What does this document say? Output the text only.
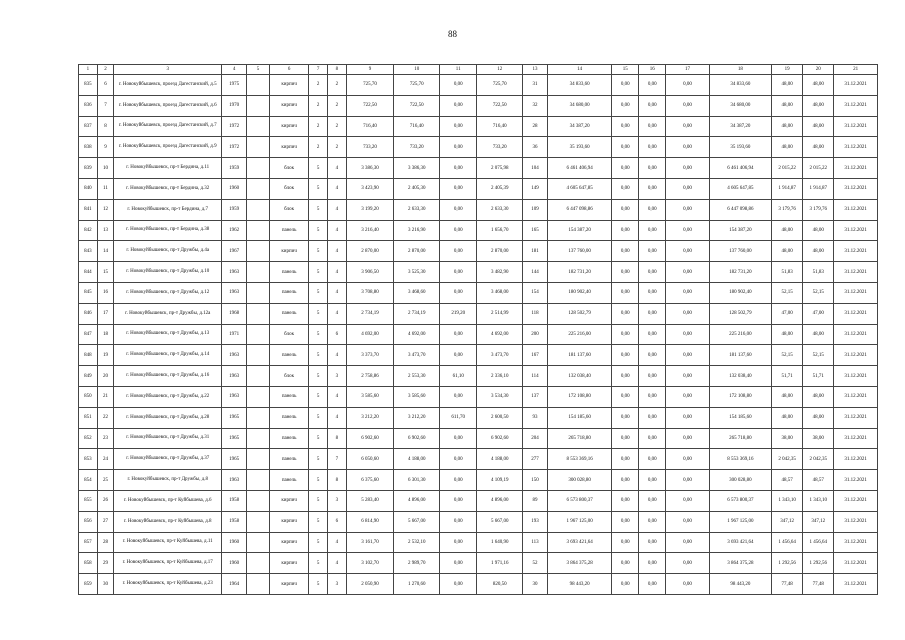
88
1	2	3	4	5	6	7	8	9	10	11	12	13	14	15	16	17	18	19	20	21
835	6	г. Новокуйбышевск, проезд Дагестанский, д.5	1975		кирпич	2	2	725,70	725,70	0,00	725,70	31	34 833,60	0,00	0,00	0,00	34 833,60	48,00	48,00	31.12.2021
836	7	г. Новокуйбышевск, проезд Дагестанский, д.6	1970		кирпич	2	2	722,50	722,50	0,00	722,50	32	34 680,00	0,00	0,00	0,00	34 680,00	48,00	48,00	31.12.2021
837	8	г. Новокуйбышевск, проезд Дагестанский, д.7	1972		кирпич	2	2	716,40	716,40	0,00	716,40	28	34 387,20	0,00	0,00	0,00	34 387,20	48,00	48,00	31.12.2021
838	9	г. Новокуйбышевск, проезд Дагестанский, д.9	1972		кирпич	2	2	733,20	733,20	0,00	733,20	36	35 193,60	0,00	0,00	0,00	35 193,60	48,00	48,00	31.12.2021
839	10	г. Новокуйбышевск, пр-т Бердина, д.11	1959		блок	5	4	3 386,30	3 386,30	0,00	2 075,98	104	6 461 406,94	0,00	0,00	0,00	6 461 406,94	2 015,22	2 015,22	31.12.2021
840	11	г. Новокуйбышевск, пр-т Бердина, д.32	1960		блок	5	4	3 423,90	2 405,30	0,00	2 405,39	149	4 605 647,85	0,00	0,00	0,00	4 605 647,85	1 914,87	1 914,87	31.12.2021
841	12	г. Новокуйбышевск, пр-т Бердина, д.7	1959		блок	5	4	3 199,20	2 633,30	0,00	2 633,30	109	6 447 098,86	0,00	0,00	0,00	6 447 098,86	3 179,76	3 179,76	31.12.2021
842	13	г. Новокуйбышевск, пр-т Бердина, д.38	1962		панель	5	4	3 216,40	3 216,90	0,00	1 656,70	165	154 387,20	0,00	0,00	0,00	154 387,20	48,00	48,00	31.12.2021
843	14	г. Новокуйбышевск, пр-т Дружбы, д.4а	1967		кирпич	5	4	2 870,00	2 870,00	0,00	2 870,00	181	137 760,00	0,00	0,00	0,00	137 760,00	48,00	48,00	31.12.2021
844	15	г. Новокуйбышевск, пр-т Дружбы, д.10	1963		панель	5	4	3 906,50	3 525,30	0,00	3 482,90	144	182 731,20	0,00	0,00	0,00	182 731,20	51,83	51,83	31.12.2021
845	16	г. Новокуйбышевск, пр-т Дружбы, д.12	1963		панель	5	4	3 708,80	3 468,60	0,00	3 468,00	154	180 902,40	0,00	0,00	0,00	180 902,40	52,15	52,15	31.12.2021
846	17	г. Новокуйбышевск, пр-т Дружбы, д.12а	1968		панель	5	4	2 734,19	2 734,19	219,20	2 514,99	118	128 502,79	0,00	0,00	0,00	128 502,79	47,00	47,00	31.12.2021
847	18	г. Новокуйбышевск, пр-т Дружбы, д.13	1971		блок	5	6	4 692,00	4 692,00	0,00	4 692,00	200	225 216,00	0,00	0,00	0,00	225 216,00	48,00	48,00	31.12.2021
848	19	г. Новокуйбышевск, пр-т Дружбы, д.14	1963		панель	5	4	3 373,70	3 473,70	0,00	3 473,70	167	181 137,60	0,00	0,00	0,00	181 137,60	52,15	52,15	31.12.2021
849	20	г. Новокуйбышевск, пр-т Дружбы, д.16	1963		блок	5	3	2 758,86	2 553,30	61,10	2 336,10	114	132 038,40	0,00	0,00	0,00	132 038,40	51,71	51,71	31.12.2021
850	21	г. Новокуйбышевск, пр-т Дружбы, д.22	1963		панель	5	4	3 585,60	3 585,60	0,00	3 534,30	137	172 108,80	0,00	0,00	0,00	172 108,80	48,00	48,00	31.12.2021
851	22	г. Новокуйбышевск, пр-т Дружбы, д.28	1965		панель	5	4	3 212,20	3 212,20	611,70	2 600,50	93	154 185,60	0,00	0,00	0,00	154 185,60	48,00	48,00	31.12.2021
852	23	г. Новокуйбышевск, пр-т Дружбы, д.31	1965		панель	5	8	6 902,60	6 902,60	0,00	6 902,60	204	265 718,80	0,00	0,00	0,00	265 718,80	38,00	38,00	31.12.2021
853	24	г. Новокуйбышевск, пр-т Дружбы, д.37	1965		панель	5	7	6 050,60	4 188,00	0,00	4 188,00	277	8 553 369,16	0,00	0,00	0,00	8 553 369,16	2 042,35	2 042,35	31.12.2021
854	25	г. Новокуйбышевск, пр-т Дружбы, д.8	1963		панель	5	8	6 375,60	6 301,30	0,00	4 109,19	150	300 028,80	0,00	0,00	0,00	300 028,80	48,57	48,57	31.12.2021
855	26	г. Новокуйбышевск, пр-т Куйбышева, д.6	1958		кирпич	5	3	5 283,40	4 896,00	0,00	4 896,00	89	6 573 800,37	0,00	0,00	0,00	6 573 800,37	1 343,10	1 343,10	31.12.2021
856	27	г. Новокуйбышевск, пр-т Куйбышева, д.8	1958		кирпич	5	6	6 814,90	5 667,00	0,00	5 667,00	193	1 967 125,00	0,00	0,00	0,00	1 967 125,00	347,12	347,12	31.12.2021
857	28	г. Новокуйбышевск, пр-т Куйбышева, д.11	1960		кирпич	5	4	3 161,70	2 532,10	0,00	1 640,90	113	3 693 421,64	0,00	0,00	0,00	3 693 421,64	1 456,64	1 456,64	31.12.2021
858	29	г. Новокуйбышевск, пр-т Куйбышева, д.17	1960		кирпич	5	4	3 102,70	2 989,70	0,00	1 971,16	52	3 864 375,28	0,00	0,00	0,00	3 864 375,28	1 292,56	1 292,56	31.12.2021
859	30	г. Новокуйбышевск, пр-т Куйбышева, д.23	1964		кирпич	5	3	2 050,90	1 270,60	0,00	820,50	30	98 443,20	0,00	0,00	0,00	98 443,20	77,48	77,48	31.12.2021
